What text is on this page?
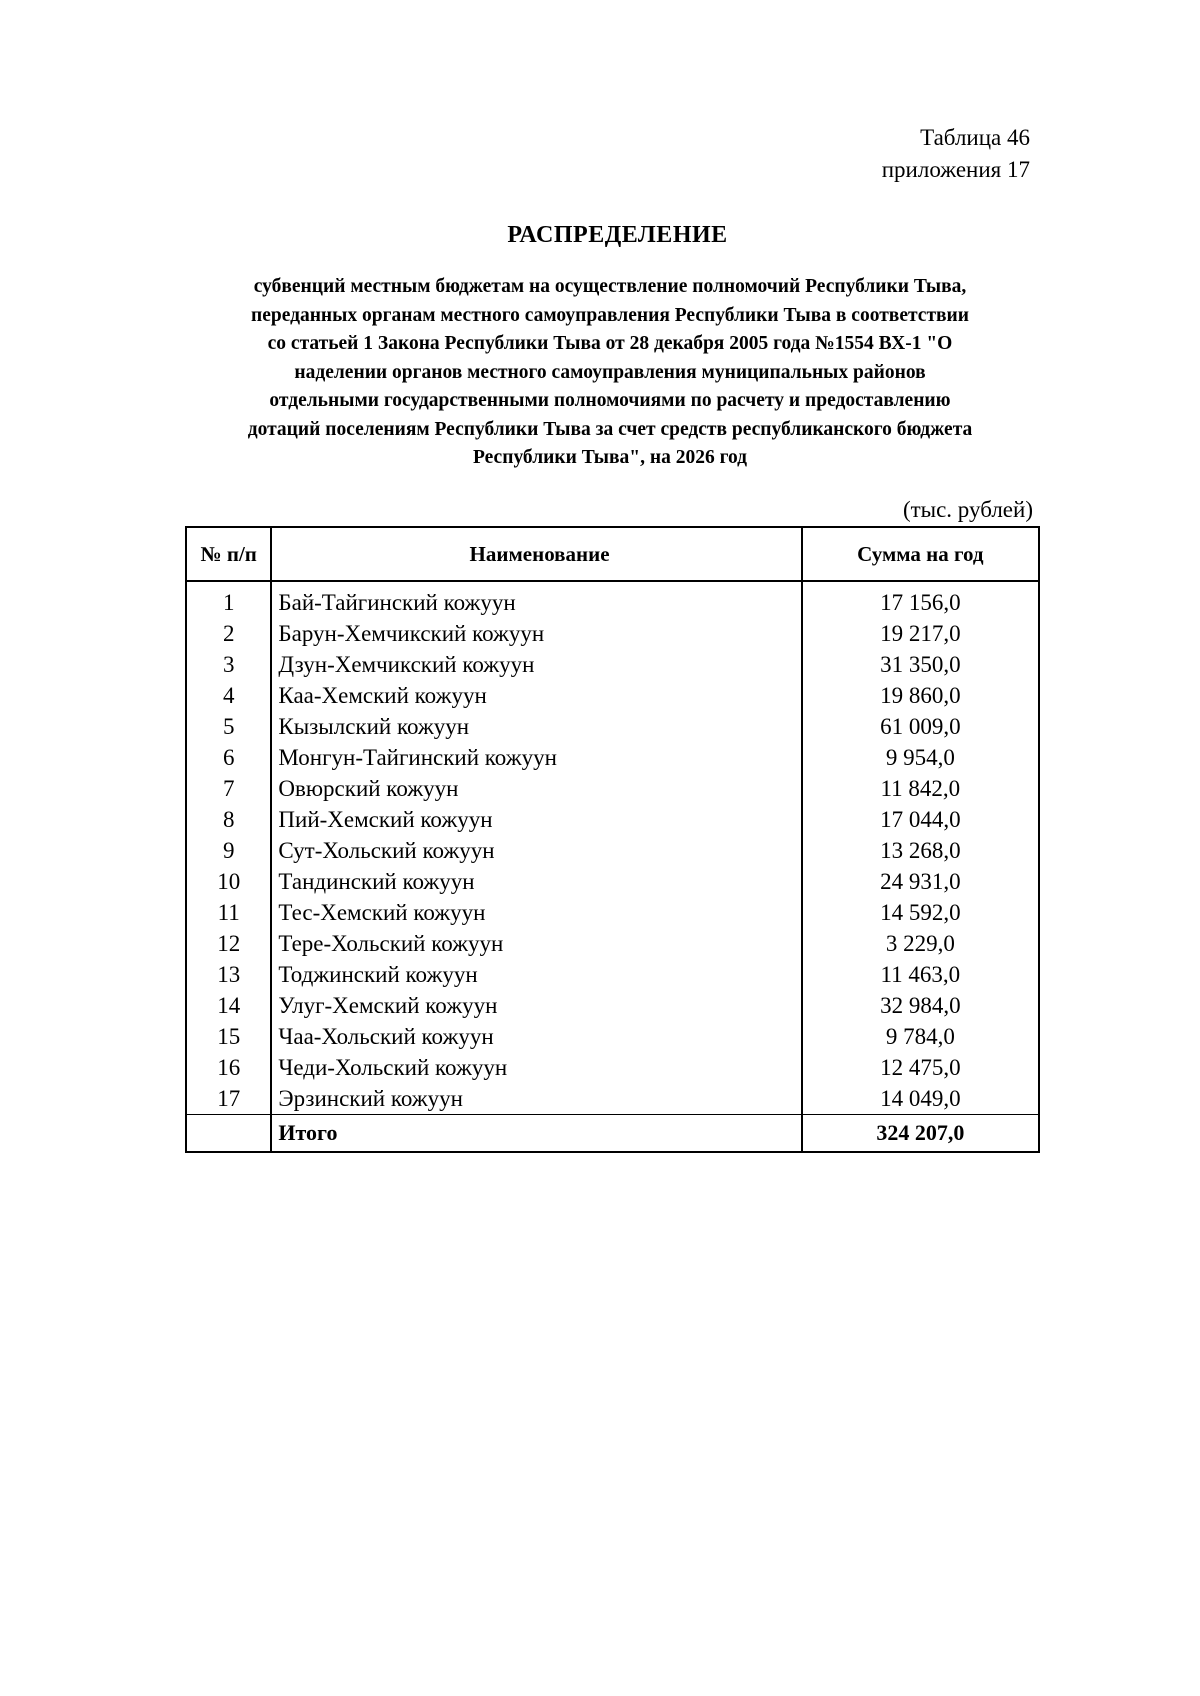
Таблица 46
приложения 17
РАСПРЕДЕЛЕНИЕ
субвенций местным бюджетам на осуществление полномочий Республики Тыва,
переданных органам местного самоуправления Республики Тыва в соответствии
со статьей 1 Закона Республики Тыва от 28 декабря 2005 года №1554 ВХ-1 "О
наделении органов местного самоуправления муниципальных районов
отдельными государственными полномочиями по расчету и предоставлению
дотаций поселениям Республики Тыва за счет средств республиканского бюджета
Республики Тыва", на 2026 год
(тыс. рублей)
№ п/п	Наименование	Сумма на год
1	Бай-Тайгинский кожуун	17 156,0
2	Барун-Хемчикский кожуун	19 217,0
3	Дзун-Хемчикский кожуун	31 350,0
4	Каа-Хемский кожуун	19 860,0
5	Кызылский кожуун	61 009,0
6	Монгун-Тайгинский кожуун	9 954,0
7	Овюрский кожуун	11 842,0
8	Пий-Хемский кожуун	17 044,0
9	Сут-Хольский кожуун	13 268,0
10	Тандинский кожуун	24 931,0
11	Тес-Хемский кожуун	14 592,0
12	Тере-Хольский кожуун	3 229,0
13	Тоджинский кожуун	11 463,0
14	Улуг-Хемский кожуун	32 984,0
15	Чаа-Хольский кожуун	9 784,0
16	Чеди-Хольский кожуун	12 475,0
17	Эрзинский кожуун	14 049,0
	Итого	324 207,0
